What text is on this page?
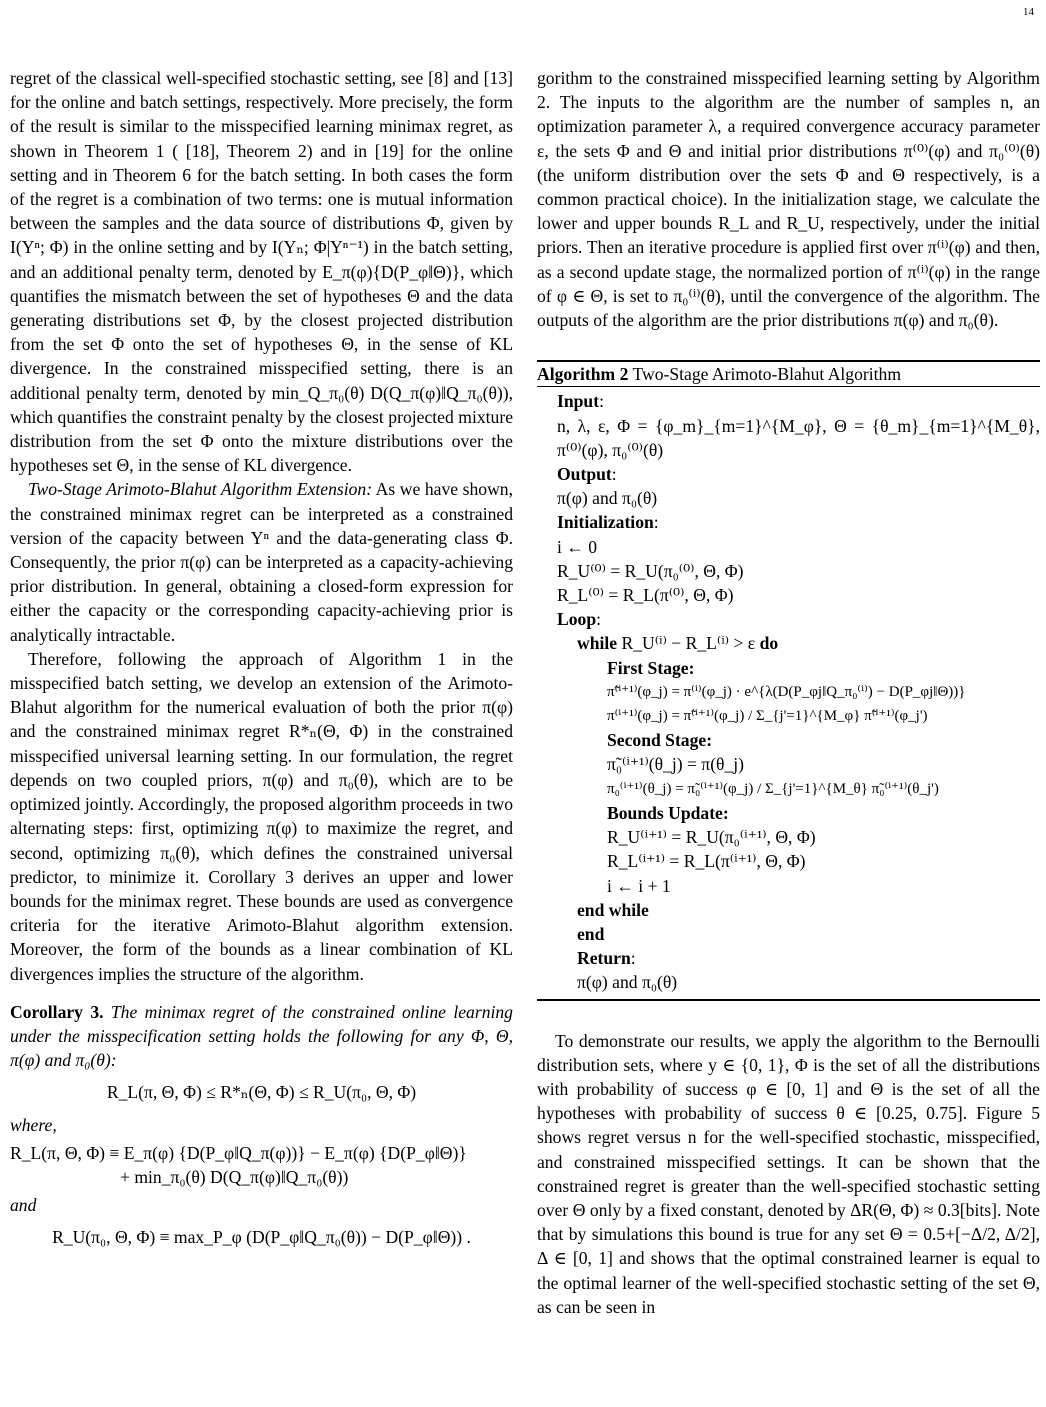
14

regret of the classical well-specified stochastic setting, see [8] and [13] for the online and batch settings, respectively. More precisely, the form of the result is similar to the misspecified learning minimax regret, as shown in Theorem 1 ( [18], Theorem 2) and in [19] for the online setting and in Theorem 6 for the batch setting. In both cases the form of the regret is a combination of two terms: one is mutual information between the samples and the data source of distributions Φ, given by I(Yⁿ; Φ) in the online setting and by I(Yₙ; Φ|Yⁿ⁻¹) in the batch setting, and an additional penalty term, denoted by E_π(φ){D(P_φ‖Θ)}, which quantifies the mismatch between the set of hypotheses Θ and the data generating distributions set Φ, by the closest projected distribution from the set Φ onto the set of hypotheses Θ, in the sense of KL divergence. In the constrained misspecified setting, there is an additional penalty term, denoted by min_Q_π₀(θ) D(Q_π(φ)‖Q_π₀(θ)), which quantifies the constraint penalty by the closest projected mixture distribution from the set Φ onto the mixture distributions over the hypotheses set Θ, in the sense of KL divergence.

Two-Stage Arimoto-Blahut Algorithm Extension: As we have shown, the constrained minimax regret can be interpreted as a constrained version of the capacity between Yⁿ and the data-generating class Φ. Consequently, the prior π(φ) can be interpreted as a capacity-achieving prior distribution. In general, obtaining a closed-form expression for either the capacity or the corresponding capacity-achieving prior is analytically intractable.

Therefore, following the approach of Algorithm 1 in the misspecified batch setting, we develop an extension of the Arimoto-Blahut algorithm for the numerical evaluation of both the prior π(φ) and the constrained minimax regret R*ₙ(Θ, Φ) in the constrained misspecified universal learning setting. In our formulation, the regret depends on two coupled priors, π(φ) and π₀(θ), which are to be optimized jointly. Accordingly, the proposed algorithm proceeds in two alternating steps: first, optimizing π(φ) to maximize the regret, and second, optimizing π₀(θ), which defines the constrained universal predictor, to minimize it. Corollary 3 derives an upper and lower bounds for the minimax regret. These bounds are used as convergence criteria for the iterative Arimoto-Blahut algorithm extension. Moreover, the form of the bounds as a linear combination of KL divergences implies the structure of the algorithm.

Corollary 3. The minimax regret of the constrained online learning under the misspecification setting holds the following for any Φ, Θ, π(φ) and π₀(θ):

R_L(π, Θ, Φ) ≤ R*ₙ(Θ, Φ) ≤ R_U(π₀, Θ, Φ)

where,

R_L(π, Θ, Φ) ≡ E_π(φ) {D(P_φ‖Q_π(φ))} − E_π(φ) {D(P_φ‖Θ)}
+ min_π₀(θ) D(Q_π(φ)‖Q_π₀(θ))

and

R_U(π₀, Θ, Φ) ≡ max_P_φ (D(P_φ‖Q_π₀(θ)) − D(P_φ‖Θ)) .

gorithm to the constrained misspecified learning setting by Algorithm 2. The inputs to the algorithm are the number of samples n, an optimization parameter λ, a required convergence accuracy parameter ε, the sets Φ and Θ and initial prior distributions π⁽⁰⁾(φ) and π₀⁽⁰⁾(θ) (the uniform distribution over the sets Φ and Θ respectively, is a common practical choice). In the initialization stage, we calculate the lower and upper bounds R_L and R_U, respectively, under the initial priors. Then an iterative procedure is applied first over π⁽ⁱ⁾(φ) and then, as a second update stage, the normalized portion of π⁽ⁱ⁾(φ) in the range of φ ∈ Θ, is set to π₀⁽ⁱ⁾(θ), until the convergence of the algorithm. The outputs of the algorithm are the prior distributions π(φ) and π₀(θ).

Algorithm 2 Two-Stage Arimoto-Blahut Algorithm
Input:
n, λ, ε, Φ = {φ_m}_{m=1}^{M_φ}, Θ = {θ_m}_{m=1}^{M_θ}, π⁽⁰⁾(φ), π₀⁽⁰⁾(θ)
Output:
π(φ) and π₀(θ)
Initialization:
i ← 0
R_U⁽⁰⁾ = R_U(π₀⁽⁰⁾, Θ, Φ)
R_L⁽⁰⁾ = R_L(π⁽⁰⁾, Θ, Φ)
Loop:
while R_U⁽ⁱ⁾ − R_L⁽ⁱ⁾ > ε do
First Stage:
π̃⁽ⁱ⁺¹⁾(φ_j) = π⁽ⁱ⁾(φ_j) · e^{λ(D(P_φj‖Q_π₀⁽ⁱ⁾) − D(P_φj‖Θ))}
π⁽ⁱ⁺¹⁾(φ_j) = π̃⁽ⁱ⁺¹⁾(φ_j) / Σ_{j'=1}^{M_φ} π̃⁽ⁱ⁺¹⁾(φ_j')
Second Stage:
π̃₀⁽ⁱ⁺¹⁾(θ_j) = π(θ_j)
π₀⁽ⁱ⁺¹⁾(θ_j) = π̃₀⁽ⁱ⁺¹⁾(φ_j) / Σ_{j'=1}^{M_θ} π̃₀⁽ⁱ⁺¹⁾(θ_j')
Bounds Update:
R_U⁽ⁱ⁺¹⁾ = R_U(π₀⁽ⁱ⁺¹⁾, Θ, Φ)
R_L⁽ⁱ⁺¹⁾ = R_L(π⁽ⁱ⁺¹⁾, Θ, Φ)
i ← i + 1
end while
end
Return:
π(φ) and π₀(θ)

To demonstrate our results, we apply the algorithm to the Bernoulli distribution sets, where y ∈ {0, 1}, Φ is the set of all the distributions with probability of success φ ∈ [0, 1] and Θ is the set of all the hypotheses with probability of success θ ∈ [0.25, 0.75]. Figure 5 shows regret versus n for the well-specified stochastic, misspecified, and constrained misspecified settings. It can be shown that the constrained regret is greater than the well-specified stochastic setting over Θ only by a fixed constant, denoted by ΔR(Θ, Φ) ≈ 0.3[bits]. Note that by simulations this bound is true for any set Θ = 0.5+[−Δ/2, Δ/2], Δ ∈ [0, 1] and shows that the optimal constrained learner is equal to the optimal learner of the well-specified stochastic setting of the set Θ, as can be seen in
